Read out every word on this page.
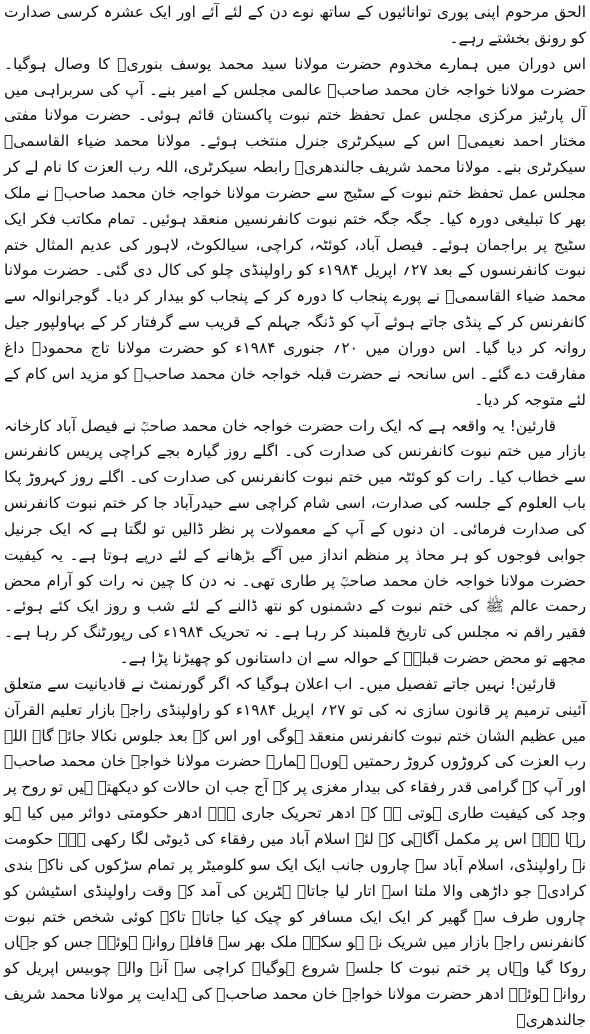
الحق مرحوم اپنی پوری توانائیوں کے ساتھ نوے دن کے لئے آئے اور ایک عشرہ کرسی صدارت کو رونق بخشتے رہے۔

اس دوران میں ہمارے مخدوم حضرت مولانا سید محمد یوسف بنوریؒ کا وصال ہوگیا۔ حضرت مولانا خواجہ خان محمد صاحبؒ عالمی مجلس کے امیر بنے۔ آپ کی سربراہی میں آل پارٹیز مرکزی مجلس عمل تحفظ ختم نبوت پاکستان قائم ہوئی۔ حضرت مولانا مفتی مختار احمد نعیمیؒ اس کے سیکرٹری جنرل منتخب ہوئے۔ مولانا محمد ضیاء القاسمیؒ سیکرٹری بنے۔ مولانا محمد شریف جالندھریؒ رابطہ سیکرٹری، اللہ رب العزت کا نام لے کر مجلس عمل تحفظ ختم نبوت کے سٹیج سے حضرت مولانا خواجہ خان محمد صاحبؒ نے ملک بھر کا تبلیغی دورہ کیا۔ جگہ جگہ ختم نبوت کانفرنسیں منعقد ہوئیں۔ تمام مکاتب فکر ایک سٹیج پر براجمان ہوئے۔ فیصل آباد، کوئٹہ، کراچی، سیالکوٹ، لاہور کی عدیم المثال ختم نبوت کانفرنسوں کے بعد ۲۷؍ اپریل ۱۹۸۴ء کو راولپنڈی چلو کی کال دی گئی۔ حضرت مولانا محمد ضیاء القاسمیؒ نے پورے پنجاب کا دورہ کر کے پنجاب کو بیدار کر دیا۔ گوجرانوالہ سے کانفرنس کر کے پنڈی جاتے ہوئے آپ کو ڈنگہ جہلم کے قریب سے گرفتار کر کے بہاولپور جیل روانہ کر دیا گیا۔ اس دوران میں ۲۰؍ جنوری ۱۹۸۴ء کو حضرت مولانا تاج محمودؒ داغ مفارقت دے گئے۔ اس سانحہ نے حضرت قبلہ خواجہ خان محمد صاحبؒ کو مزید اس کام کے لئے متوجہ کر دیا۔

قارئین! یہ واقعہ ہے کہ ایک رات حضرت خواجہ خان محمد صاحبؒ نے فیصل آباد کارخانہ بازار میں ختم نبوت کانفرنس کی صدارت کی۔ اگلے روز گیارہ بجے کراچی پریس کانفرنس سے خطاب کیا۔ رات کو کوئٹہ میں ختم نبوت کانفرنس کی صدارت کی۔ اگلے روز کہروڑ پکا باب العلوم کے جلسہ کی صدارت، اسی شام کراچی سے حیدرآباد جا کر ختم نبوت کانفرنس کی صدارت فرمائی۔ ان دنوں کے آپ کے معمولات پر نظر ڈالیں تو لگتا ہے کہ ایک جرنیل جوابی فوجوں کو ہر محاذ پر منظم انداز میں آگے بڑھانے کے لئے درپے ہوتا ہے۔ یہ کیفیت حضرت مولانا خواجہ خان محمد صاحبؒ پر طاری تھی۔ نہ دن کا چین نہ رات کو آرام محض رحمت عالم ﷺ کی ختم نبوت کے دشمنوں کو نتھ ڈالنے کے لئے شب و روز ایک کئے ہوئے۔ فقیر راقم نہ مجلس کی تاریخ قلمبند کر رہا ہے۔ نہ تحریک ۱۹۸۴ء کی رپورٹنگ کر رہا ہے۔ مجھے تو محض حضرت قبلہؒ کے حوالہ سے ان داستانوں کو چھیڑنا پڑا ہے۔

قارئین! نہیں جاتے تفصیل میں۔ اب اعلان ہوگیا کہ اگر گورنمنٹ نے قادیانیت سے متعلق آئینی ترمیم پر قانون سازی نہ کی تو ۲۷؍ اپریل ۱۹۸۴ء کو راولپنڈی راجہ بازار تعلیم القرآن میں عظیم الشان ختم نبوت کانفرنس منعقد ہوگی اور اس کے بعد جلوس نکالا جائے گا۔ اللہ رب العزت کی کروڑوں کروڑ رحمتیں ہوں۔ ہمارے حضرت مولانا خواجہ خان محمد صاحبؒ اور آپ کے گرامی قدر رفقاء کی بیدار مغزی پر کہ آج جب ان حالات کو دیکھتے ہیں تو روح پر وجد کی کیفیت طاری ہوتی ہے کہ ادھر تحریک جاری ہے۔ ادھر حکومتی دوائر میں کیا ہو رہا ہے۔ اس پر مکمل آگاہی کے لئے اسلام آباد میں رفقاء کی ڈیوٹی لگا رکھی ہے۔ حکومت نے راولپنڈی، اسلام آباد سے چاروں جانب ایک ایک سو کلومیٹر پر تمام سڑکوں کی ناکہ بندی کرادی۔ جو داڑھی والا ملتا اسے اتار لیا جاتا۔ ہٹرین کی آمد کے وقت راولپنڈی اسٹیشن کو چاروں طرف سے گھیر کر ایک ایک مسافر کو چیک کیا جاتا۔ تاکہ کوئی شخص ختم نبوت کانفرنس راجہ بازار میں شریک نہ ہو سکے۔ ملک بھر سے قافلے روانہ ہوئے۔ جس کو جہاں روکا گیا وہاں پر ختم نبوت کا جلسہ شروع ہوگیا۔ کراچی سے آنے والے چوبیس اپریل کو روانہ ہوئے۔ ادھر حضرت مولانا خواجہ خان محمد صاحبؒ کی ہدایت پر مولانا محمد شریف جالندھریؒ
